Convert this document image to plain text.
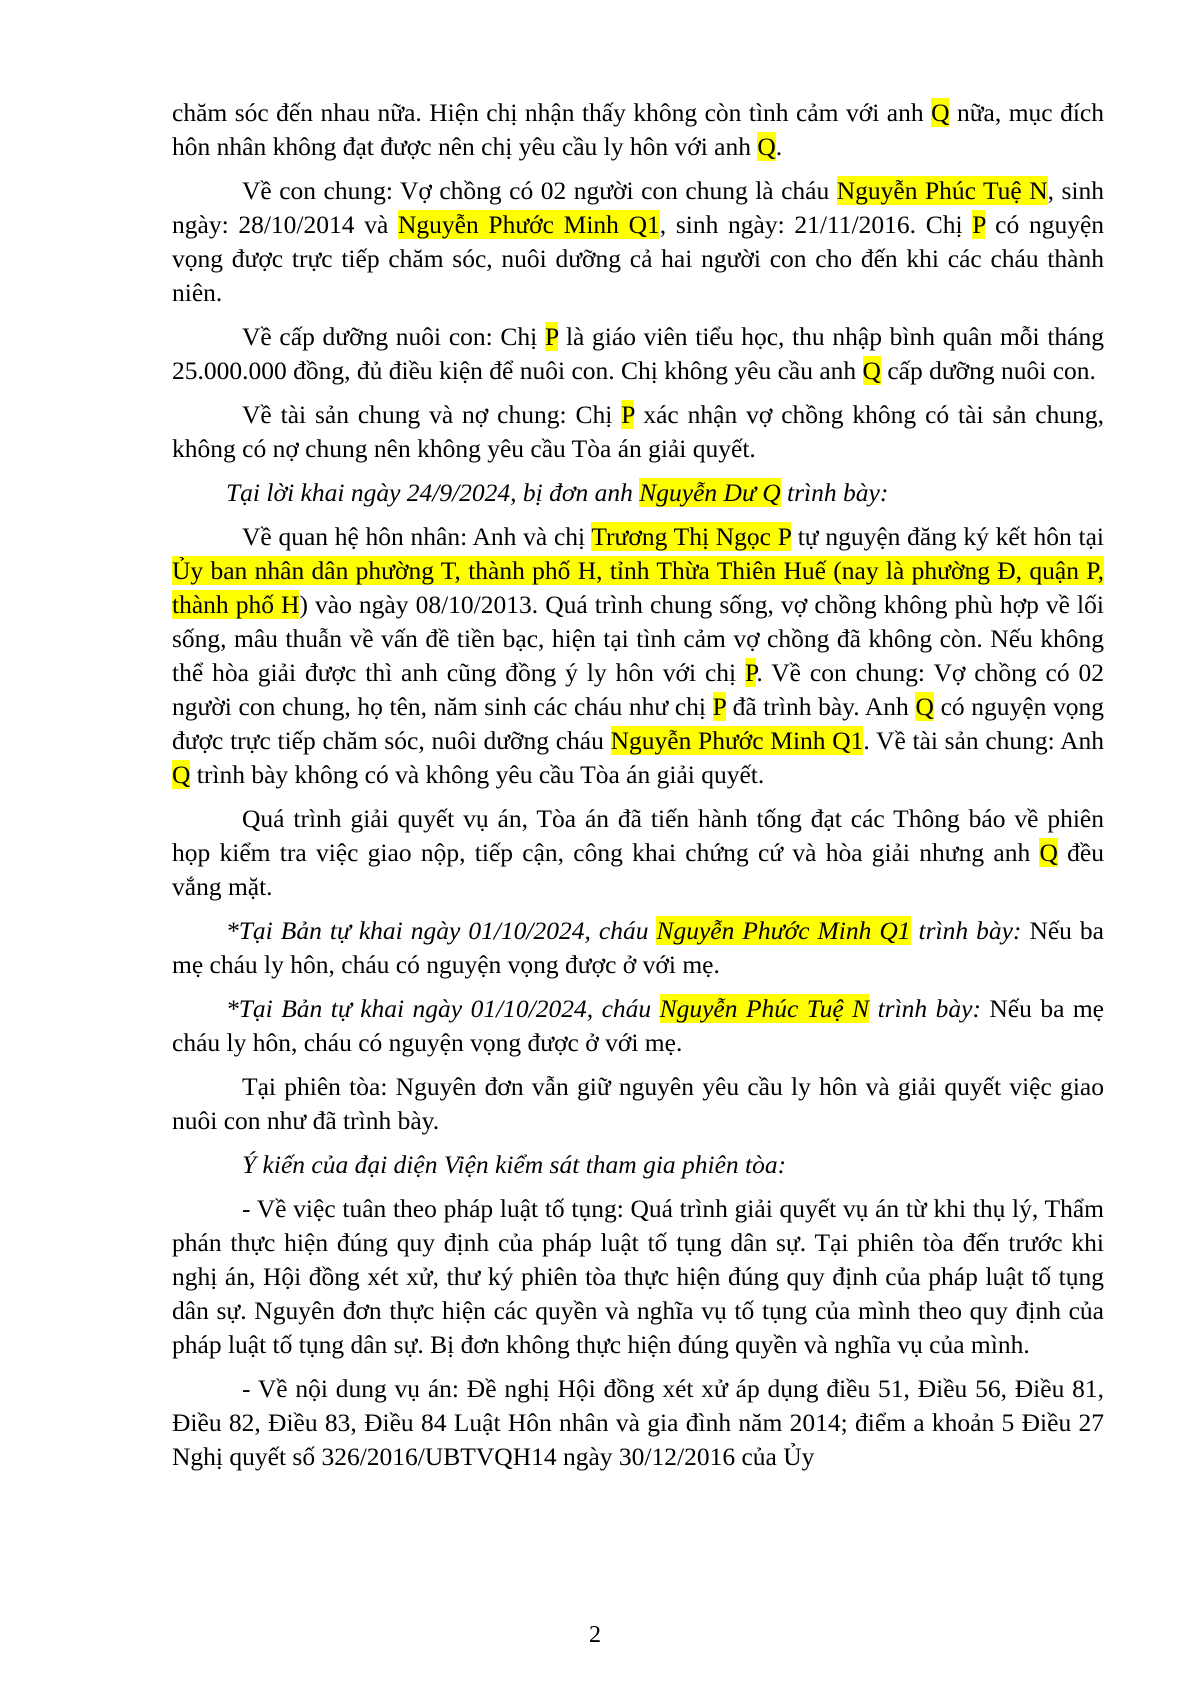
chăm sóc đến nhau nữa. Hiện chị nhận thấy không còn tình cảm với anh Q nữa, mục đích hôn nhân không đạt được nên chị yêu cầu ly hôn với anh Q.

Về con chung: Vợ chồng có 02 người con chung là cháu Nguyễn Phúc Tuệ N, sinh ngày: 28/10/2014 và Nguyễn Phước Minh Q1, sinh ngày: 21/11/2016. Chị P có nguyện vọng được trực tiếp chăm sóc, nuôi dưỡng cả hai người con cho đến khi các cháu thành niên.

Về cấp dưỡng nuôi con: Chị P là giáo viên tiểu học, thu nhập bình quân mỗi tháng 25.000.000 đồng, đủ điều kiện để nuôi con. Chị không yêu cầu anh Q cấp dưỡng nuôi con.

Về tài sản chung và nợ chung: Chị P xác nhận vợ chồng không có tài sản chung, không có nợ chung nên không yêu cầu Tòa án giải quyết.

Tại lời khai ngày 24/9/2024, bị đơn anh Nguyễn Dư Q trình bày:

Về quan hệ hôn nhân: Anh và chị Trương Thị Ngọc P tự nguyện đăng ký kết hôn tại Ủy ban nhân dân phường T, thành phố H, tỉnh Thừa Thiên Huế (nay là phường Đ, quận P, thành phố H) vào ngày 08/10/2013. Quá trình chung sống, vợ chồng không phù hợp về lối sống, mâu thuẫn về vấn đề tiền bạc, hiện tại tình cảm vợ chồng đã không còn. Nếu không thể hòa giải được thì anh cũng đồng ý ly hôn với chị P. Về con chung: Vợ chồng có 02 người con chung, họ tên, năm sinh các cháu như chị P đã trình bày. Anh Q có nguyện vọng được trực tiếp chăm sóc, nuôi dưỡng cháu Nguyễn Phước Minh Q1. Về tài sản chung: Anh Q trình bày không có và không yêu cầu Tòa án giải quyết.

Quá trình giải quyết vụ án, Tòa án đã tiến hành tống đạt các Thông báo về phiên họp kiểm tra việc giao nộp, tiếp cận, công khai chứng cứ và hòa giải nhưng anh Q đều vắng mặt.

*Tại Bản tự khai ngày 01/10/2024, cháu Nguyễn Phước Minh Q1 trình bày: Nếu ba mẹ cháu ly hôn, cháu có nguyện vọng được ở với mẹ.

*Tại Bản tự khai ngày 01/10/2024, cháu Nguyễn Phúc Tuệ N trình bày: Nếu ba mẹ cháu ly hôn, cháu có nguyện vọng được ở với mẹ.

Tại phiên tòa: Nguyên đơn vẫn giữ nguyên yêu cầu ly hôn và giải quyết việc giao nuôi con như đã trình bày.

Ý kiến của đại diện Viện kiểm sát tham gia phiên tòa:

- Về việc tuân theo pháp luật tố tụng: Quá trình giải quyết vụ án từ khi thụ lý, Thẩm phán thực hiện đúng quy định của pháp luật tố tụng dân sự. Tại phiên tòa đến trước khi nghị án, Hội đồng xét xử, thư ký phiên tòa thực hiện đúng quy định của pháp luật tố tụng dân sự. Nguyên đơn thực hiện các quyền và nghĩa vụ tố tụng của mình theo quy định của pháp luật tố tụng dân sự. Bị đơn không thực hiện đúng quyền và nghĩa vụ của mình.

- Về nội dung vụ án: Đề nghị Hội đồng xét xử áp dụng điều 51, Điều 56, Điều 81, Điều 82, Điều 83, Điều 84 Luật Hôn nhân và gia đình năm 2014; điểm a khoản 5 Điều 27 Nghị quyết số 326/2016/UBTVQH14 ngày 30/12/2016 của Ủy

2
